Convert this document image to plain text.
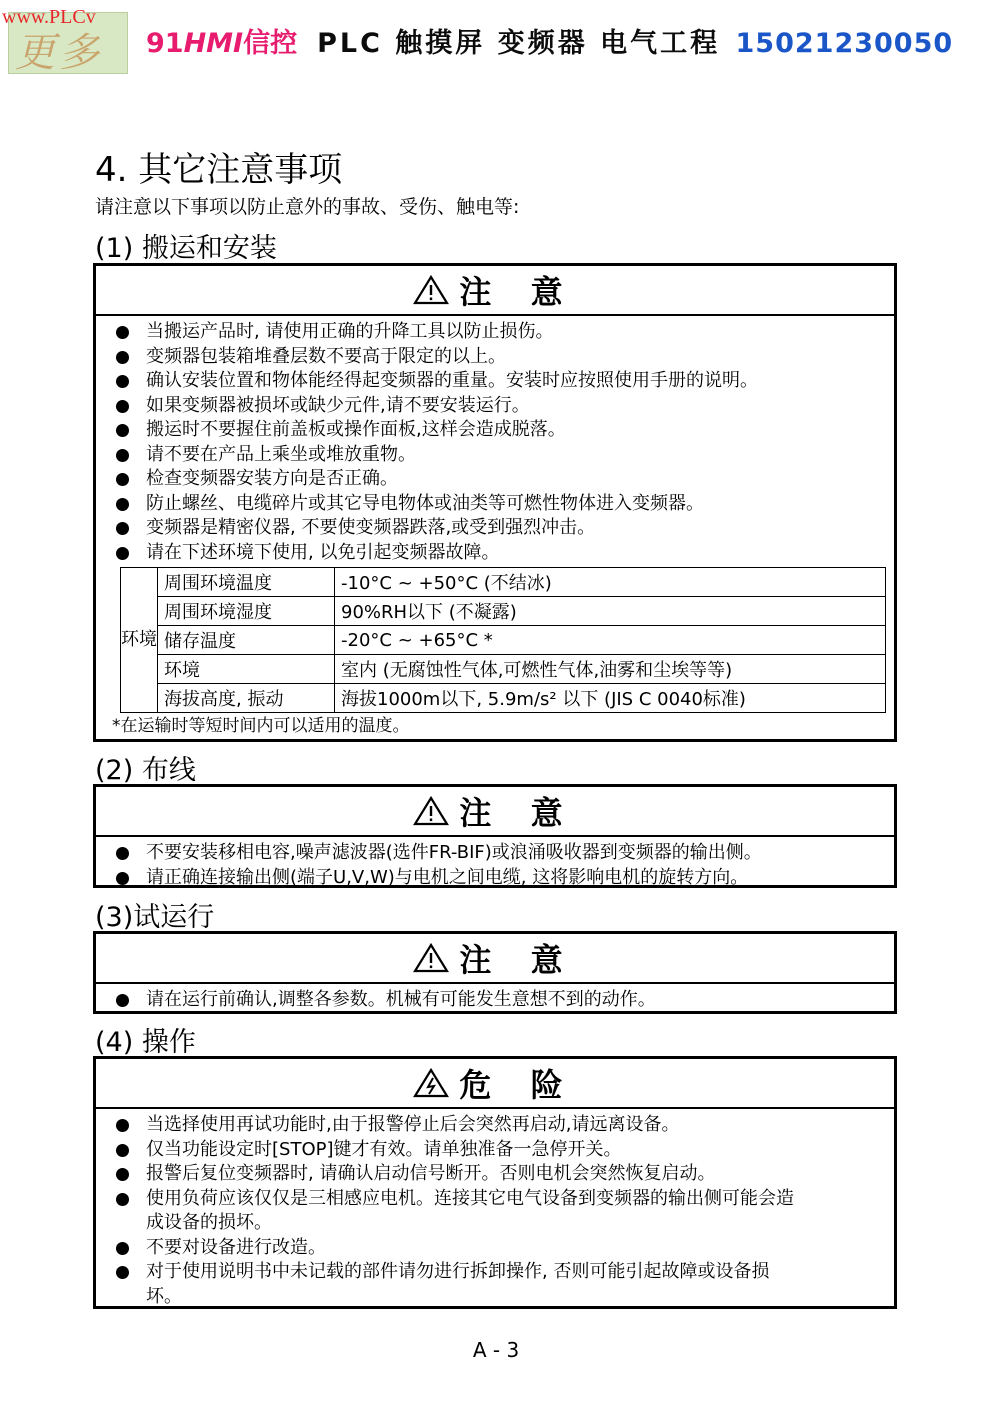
更多
www.PLCv
91HMI信控 PLC 触摸屏 变频器 电气工程 15021230050
4. 其它注意事项
请注意以下事项以防止意外的事故、受伤、触电等:
(1) 搬运和安装
注 意
当搬运产品时, 请使用正确的升降工具以防止损伤。
变频器包装箱堆叠层数不要高于限定的以上。
确认安装位置和物体能经得起变频器的重量。安装时应按照使用手册的说明。
如果变频器被损坏或缺少元件,请不要安装运行。
搬运时不要握住前盖板或操作面板,这样会造成脱落。
请不要在产品上乘坐或堆放重物。
检查变频器安装方向是否正确。
防止螺丝、电缆碎片或其它导电物体或油类等可燃性物体进入变频器。
变频器是精密仪器, 不要使变频器跌落,或受到强烈冲击。
请在下述环境下使用, 以免引起变频器故障。
环境	周围环境温度	-10°C ~ +50°C (不结冰)
	周围环境湿度	90%RH以下 (不凝露)
	储存温度	-20°C ~ +65°C *
	环境	室内 (无腐蚀性气体,可燃性气体,油雾和尘埃等等)
	海拔高度, 振动	海拔1000m以下, 5.9m/s² 以下 (JIS C 0040标准)
*在运输时等短时间内可以适用的温度。
(2) 布线
注 意
不要安装移相电容,噪声滤波器(选件FR-BIF)或浪涌吸收器到变频器的输出侧。
请正确连接输出侧(端子U,V,W)与电机之间电缆, 这将影响电机的旋转方向。
(3)试运行
注 意
请在运行前确认,调整各参数。机械有可能发生意想不到的动作。
(4) 操作
危 险
当选择使用再试功能时,由于报警停止后会突然再启动,请远离设备。
仅当功能设定时[STOP]键才有效。请单独准备一急停开关。
报警后复位变频器时, 请确认启动信号断开。否则电机会突然恢复启动。
使用负荷应该仅仅是三相感应电机。连接其它电气设备到变频器的输出侧可能会造
成设备的损坏。
不要对设备进行改造。
对于使用说明书中未记载的部件请勿进行拆卸操作, 否则可能引起故障或设备损
坏。
A - 3
